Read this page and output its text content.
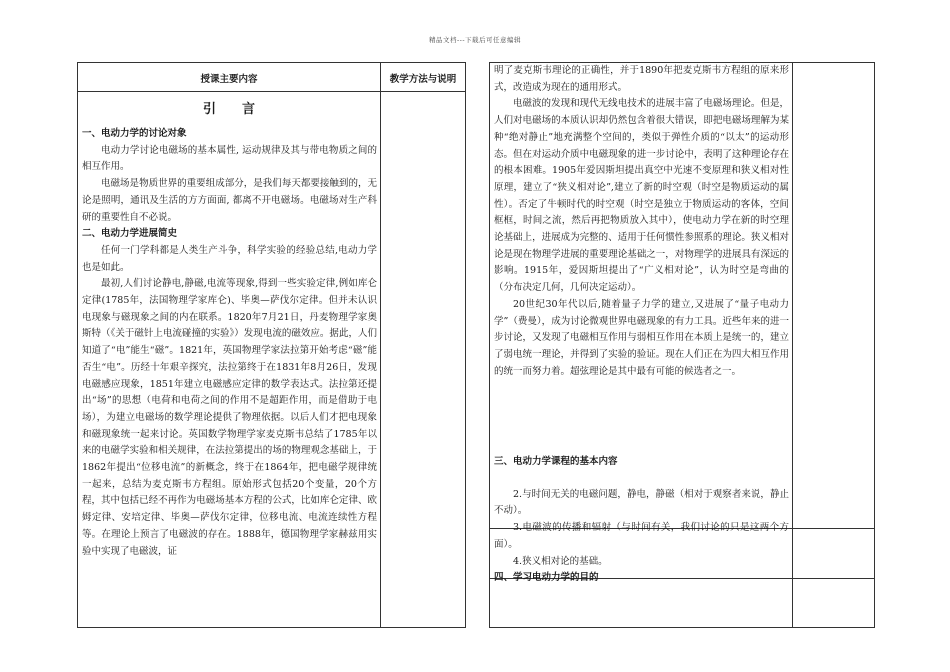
精品文档---下载后可任意编辑
授课主要内容	教学方法与说明
引　　言
一、电动力学的讨论对象

电动力学讨论电磁场的基本属性, 运动规律及其与带电物质之间的相互作用。

电磁场是物质世界的重要组成部分，是我们每天都要接触到的，无论是照明，通讯及生活的方方面面, 都离不开电磁场。电磁场对生产科研的重要性自不必说。

二、电动力学进展简史

任何一门学科都是人类生产斗争，科学实验的经验总结,电动力学也是如此。

最初,人们讨论静电,静磁,电流等现象,得到一些实验定律,例如库仑定律(1785年，法国物理学家库仑)、毕奥—萨伐尔定律。但并未认识电现象与磁现象之间的内在联系。1820年7月21日，丹麦物理学家奥斯特（《关于磁针上电流碰撞的实验》）发现电流的磁效应。据此，人们知道了“电”能生“磁”。1821年，英国物理学家法拉第开始考虑“磁”能否生“电”。历经十年艰辛探究，法拉第终于在1831年8月26日，发现电磁感应现象，1851年建立电磁感应定律的数学表达式。法拉第还提出“场”的思想（电荷和电荷之间的作用不是超距作用，而是借助于电场），为建立电磁场的数学理论提供了物理依据。以后人们才把电现象和磁现象统一起来讨论。英国数学物理学家麦克斯韦总结了1785年以来的电磁学实验和相关规律，在法拉第提出的场的物理观念基础上，于1862年提出“位移电流”的新概念，终于在1864年，把电磁学规律统一起来，总结为麦克斯韦方程组。原始形式包括20个变量，20个方程，其中包括已经不再作为电磁场基本方程的公式，比如库仑定律、欧姆定律、安培定律、毕奥—萨伐尔定律，位移电流、电流连续性方程等。在理论上预言了电磁波的存在。1888年，德国物理学家赫兹用实验中实现了电磁波，证

明了麦克斯韦理论的正确性，并于1890年把麦克斯韦方程组的原来形式，改造成为现在的通用形式。

电磁波的发现和现代无线电技术的进展丰富了电磁场理论。但是，人们对电磁场的本质认识却仍然包含着很大错误，即把电磁场理解为某种“绝对静止”地充满整个空间的，类似于弹性介质的“以太”的运动形态。但在对运动介质中电磁现象的进一步讨论中，表明了这种理论存在的根本困难。1905年爱因斯坦提出真空中光速不变原理和狭义相对性原理，建立了“狭义相对论”,建立了新的时空观（时空是物质运动的属性）。否定了牛顿时代的时空观（时空是独立于物质运动的客体，空间框框，时间之流，然后再把物质放入其中），使电动力学在新的时空理论基础上，进展成为完整的、适用于任何惯性参照系的理论。狭义相对论是现在物理学进展的重要理论基础之一，对物理学的进展具有深远的影响。1915年，爱因斯坦提出了“广义相对论”，认为时空是弯曲的（分布决定几何，几何决定运动）。

20世纪30年代以后,随着量子力学的建立,又进展了“量子电动力学”（费曼），成为讨论微观世界电磁现象的有力工具。近些年来的进一步讨论，又发现了电磁相互作用与弱相互作用在本质上是统一的，建立了弱电统一理论，并得到了实验的验证。现在人们正在为四大相互作用的统一而努力着。超弦理论是其中最有可能的候选者之一。

三、电动力学课程的基本内容

2.与时间无关的电磁问题，静电，静磁（相对于观察者来说，静止不动）。

3.电磁波的传播和辐射（与时间有关，我们讨论的只是这两个方面）。

4.狭义相对论的基础。

四、学习电动力学的目的
